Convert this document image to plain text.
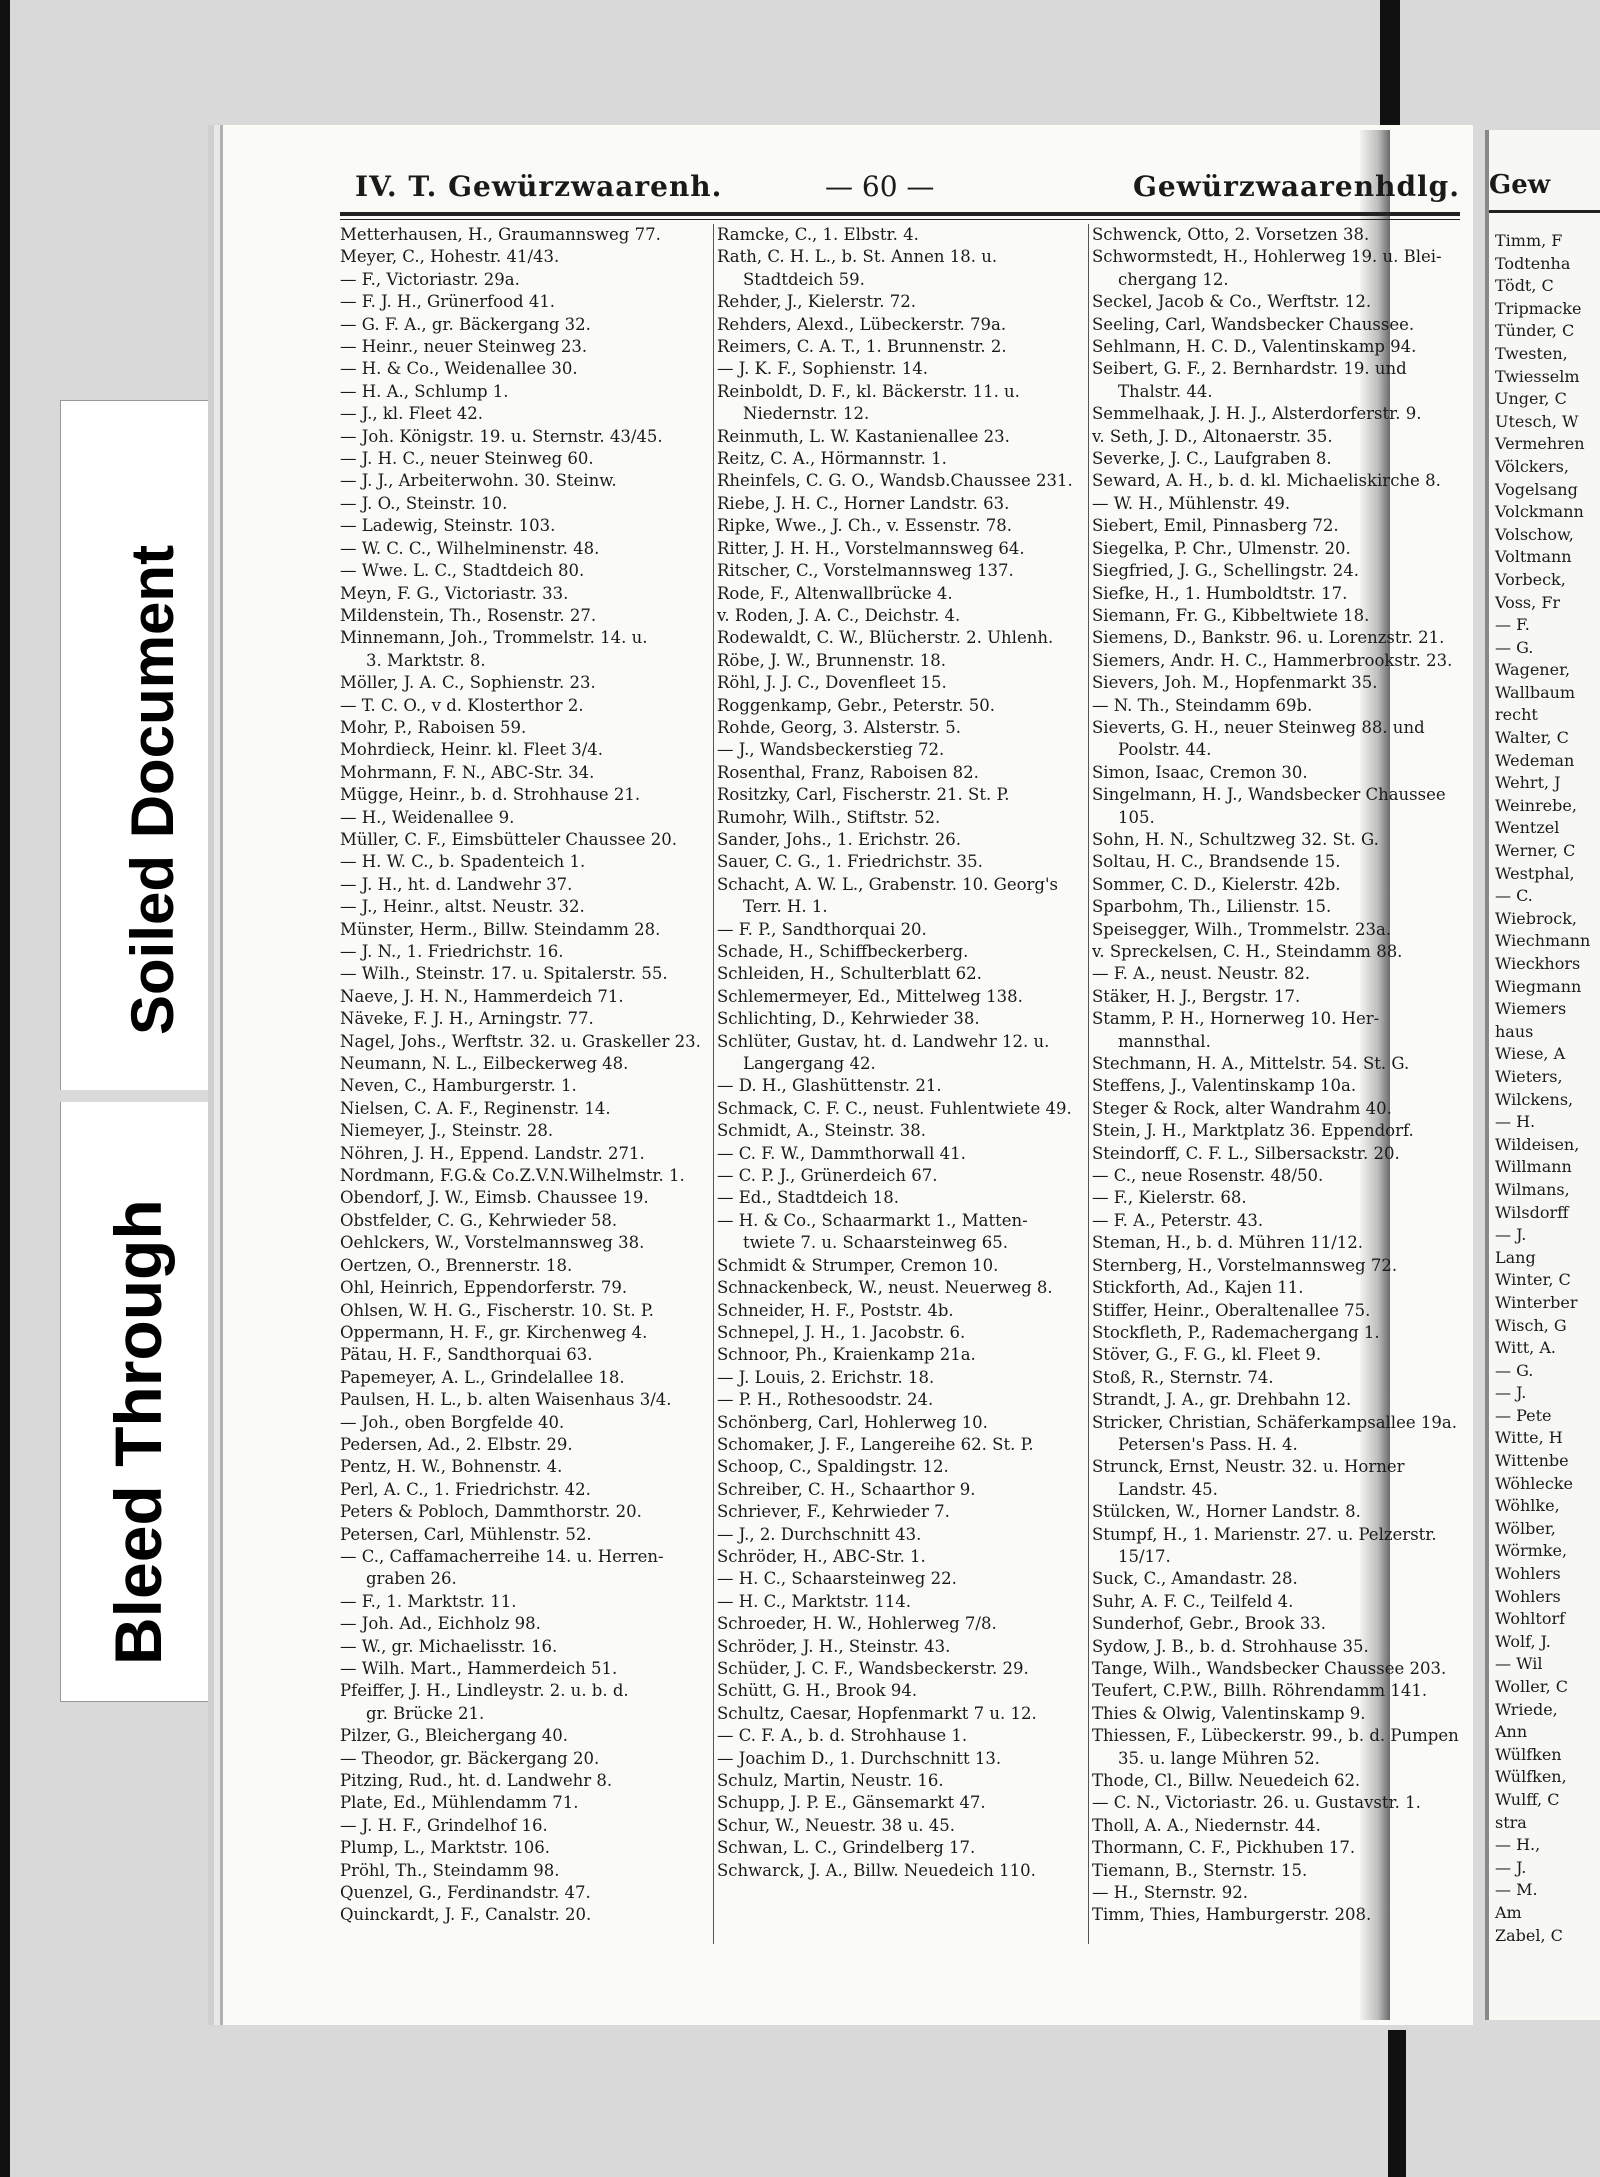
Soiled Document
Bleed Through
IV. T. Gewürzwaarenh.	— 60 —	Gewürzwaarenhdlg.
Metterhausen, H., Graumannsweg 77.
Meyer, C., Hohestr. 41/43.
— F., Victoriastr. 29a.
— F. J. H., Grünerfood 41.
— G. F. A., gr. Bäckergang 32.
— Heinr., neuer Steinweg 23.
— H. & Co., Weidenallee 30.
— H. A., Schlump 1.
— J., kl. Fleet 42.
— Joh. Königstr. 19. u. Sternstr. 43/45.
— J. H. C., neuer Steinweg 60.
— J. J., Arbeiterwohn. 30. Steinw.
— J. O., Steinstr. 10.
— Ladewig, Steinstr. 103.
— W. C. C., Wilhelminenstr. 48.
— Wwe. L. C., Stadtdeich 80.
Meyn, F. G., Victoriastr. 33.
Mildenstein, Th., Rosenstr. 27.
Minnemann, Joh., Trommelstr. 14. u.
3. Marktstr. 8.
Möller, J. A. C., Sophienstr. 23.
— T. C. O., v d. Klosterthor 2.
Mohr, P., Raboisen 59.
Mohrdieck, Heinr. kl. Fleet 3/4.
Mohrmann, F. N., ABC-Str. 34.
Mügge, Heinr., b. d. Strohhause 21.
— H., Weidenallee 9.
Müller, C. F., Eimsbütteler Chaussee 20.
— H. W. C., b. Spadenteich 1.
— J. H., ht. d. Landwehr 37.
— J., Heinr., altst. Neustr. 32.
Münster, Herm., Billw. Steindamm 28.
— J. N., 1. Friedrichstr. 16.
— Wilh., Steinstr. 17. u. Spitalerstr. 55.
Naeve, J. H. N., Hammerdeich 71.
Näveke, F. J. H., Arningstr. 77.
Nagel, Johs., Werftstr. 32. u. Graskeller 23.
Neumann, N. L., Eilbeckerweg 48.
Neven, C., Hamburgerstr. 1.
Nielsen, C. A. F., Reginenstr. 14.
Niemeyer, J., Steinstr. 28.
Nöhren, J. H., Eppend. Landstr. 271.
Nordmann, F.G.& Co.Z.V.N.Wilhelmstr. 1.
Obendorf, J. W., Eimsb. Chaussee 19.
Obstfelder, C. G., Kehrwieder 58.
Oehlckers, W., Vorstelmannsweg 38.
Oertzen, O., Brennerstr. 18.
Ohl, Heinrich, Eppendorferstr. 79.
Ohlsen, W. H. G., Fischerstr. 10. St. P.
Oppermann, H. F., gr. Kirchenweg 4.
Pätau, H. F., Sandthorquai 63.
Papemeyer, A. L., Grindelallee 18.
Paulsen, H. L., b. alten Waisenhaus 3/4.
— Joh., oben Borgfelde 40.
Pedersen, Ad., 2. Elbstr. 29.
Pentz, H. W., Bohnenstr. 4.
Perl, A. C., 1. Friedrichstr. 42.
Peters & Pobloch, Dammthorstr. 20.
Petersen, Carl, Mühlenstr. 52.
— C., Caffamacherreihe 14. u. Herren-
graben 26.
— F., 1. Marktstr. 11.
— Joh. Ad., Eichholz 98.
— W., gr. Michaelisstr. 16.
— Wilh. Mart., Hammerdeich 51.
Pfeiffer, J. H., Lindleystr. 2. u. b. d.
gr. Brücke 21.
Pilzer, G., Bleichergang 40.
— Theodor, gr. Bäckergang 20.
Pitzing, Rud., ht. d. Landwehr 8.
Plate, Ed., Mühlendamm 71.
— J. H. F., Grindelhof 16.
Plump, L., Marktstr. 106.
Pröhl, Th., Steindamm 98.
Quenzel, G., Ferdinandstr. 47.
Quinckardt, J. F., Canalstr. 20.
Ramcke, C., 1. Elbstr. 4.
Rath, C. H. L., b. St. Annen 18. u.
Stadtdeich 59.
Rehder, J., Kielerstr. 72.
Rehders, Alexd., Lübeckerstr. 79a.
Reimers, C. A. T., 1. Brunnenstr. 2.
— J. K. F., Sophienstr. 14.
Reinboldt, D. F., kl. Bäckerstr. 11. u.
Niedernstr. 12.
Reinmuth, L. W. Kastanienallee 23.
Reitz, C. A., Hörmannstr. 1.
Rheinfels, C. G. O., Wandsb.Chaussee 231.
Riebe, J. H. C., Horner Landstr. 63.
Ripke, Wwe., J. Ch., v. Essenstr. 78.
Ritter, J. H. H., Vorstelmannsweg 64.
Ritscher, C., Vorstelmannsweg 137.
Rode, F., Altenwallbrücke 4.
v. Roden, J. A. C., Deichstr. 4.
Rodewaldt, C. W., Blücherstr. 2. Uhlenh.
Röbe, J. W., Brunnenstr. 18.
Röhl, J. J. C., Dovenfleet 15.
Roggenkamp, Gebr., Peterstr. 50.
Rohde, Georg, 3. Alsterstr. 5.
— J., Wandsbeckerstieg 72.
Rosenthal, Franz, Raboisen 82.
Rositzky, Carl, Fischerstr. 21. St. P.
Rumohr, Wilh., Stiftstr. 52.
Sander, Johs., 1. Erichstr. 26.
Sauer, C. G., 1. Friedrichstr. 35.
Schacht, A. W. L., Grabenstr. 10. Georg's
Terr. H. 1.
— F. P., Sandthorquai 20.
Schade, H., Schiffbeckerberg.
Schleiden, H., Schulterblatt 62.
Schlemermeyer, Ed., Mittelweg 138.
Schlichting, D., Kehrwieder 38.
Schlüter, Gustav, ht. d. Landwehr 12. u.
Langergang 42.
— D. H., Glashüttenstr. 21.
Schmack, C. F. C., neust. Fuhlentwiete 49.
Schmidt, A., Steinstr. 38.
— C. F. W., Dammthorwall 41.
— C. P. J., Grünerdeich 67.
— Ed., Stadtdeich 18.
— H. & Co., Schaarmarkt 1., Matten-
twiete 7. u. Schaarsteinweg 65.
Schmidt & Strumper, Cremon 10.
Schnackenbeck, W., neust. Neuerweg 8.
Schneider, H. F., Poststr. 4b.
Schnepel, J. H., 1. Jacobstr. 6.
Schnoor, Ph., Kraienkamp 21a.
— J. Louis, 2. Erichstr. 18.
— P. H., Rothesoodstr. 24.
Schönberg, Carl, Hohlerweg 10.
Schomaker, J. F., Langereihe 62. St. P.
Schoop, C., Spaldingstr. 12.
Schreiber, C. H., Schaarthor 9.
Schriever, F., Kehrwieder 7.
— J., 2. Durchschnitt 43.
Schröder, H., ABC-Str. 1.
— H. C., Schaarsteinweg 22.
— H. C., Marktstr. 114.
Schroeder, H. W., Hohlerweg 7/8.
Schröder, J. H., Steinstr. 43.
Schüder, J. C. F., Wandsbeckerstr. 29.
Schütt, G. H., Brook 94.
Schultz, Caesar, Hopfenmarkt 7 u. 12.
— C. F. A., b. d. Strohhause 1.
— Joachim D., 1. Durchschnitt 13.
Schulz, Martin, Neustr. 16.
Schupp, J. P. E., Gänsemarkt 47.
Schur, W., Neuestr. 38 u. 45.
Schwan, L. C., Grindelberg 17.
Schwarck, J. A., Billw. Neuedeich 110.
Schwenck, Otto, 2. Vorsetzen 38.
Schwormstedt, H., Hohlerweg 19. u. Blei-
chergang 12.
Seckel, Jacob & Co., Werftstr. 12.
Seeling, Carl, Wandsbecker Chaussee.
Sehlmann, H. C. D., Valentinskamp 94.
Seibert, G. F., 2. Bernhardstr. 19. und
Thalstr. 44.
Semmelhaak, J. H. J., Alsterdorferstr. 9.
v. Seth, J. D., Altonaerstr. 35.
Severke, J. C., Laufgraben 8.
Seward, A. H., b. d. kl. Michaeliskirche 8.
— W. H., Mühlenstr. 49.
Siebert, Emil, Pinnasberg 72.
Siegelka, P. Chr., Ulmenstr. 20.
Siegfried, J. G., Schellingstr. 24.
Siefke, H., 1. Humboldtstr. 17.
Siemann, Fr. G., Kibbeltwiete 18.
Siemens, D., Bankstr. 96. u. Lorenzstr. 21.
Siemers, Andr. H. C., Hammerbrookstr. 23.
Sievers, Joh. M., Hopfenmarkt 35.
— N. Th., Steindamm 69b.
Sieverts, G. H., neuer Steinweg 88. und
Poolstr. 44.
Simon, Isaac, Cremon 30.
Singelmann, H. J., Wandsbecker Chaussee
105.
Sohn, H. N., Schultzweg 32. St. G.
Soltau, H. C., Brandsende 15.
Sommer, C. D., Kielerstr. 42b.
Sparbohm, Th., Lilienstr. 15.
Speisegger, Wilh., Trommelstr. 23a.
v. Spreckelsen, C. H., Steindamm 88.
— F. A., neust. Neustr. 82.
Stäker, H. J., Bergstr. 17.
Stamm, P. H., Hornerweg 10. Her-
mannsthal.
Stechmann, H. A., Mittelstr. 54. St. G.
Steffens, J., Valentinskamp 10a.
Steger & Rock, alter Wandrahm 40.
Stein, J. H., Marktplatz 36. Eppendorf.
Steindorff, C. F. L., Silbersackstr. 20.
— C., neue Rosenstr. 48/50.
— F., Kielerstr. 68.
— F. A., Peterstr. 43.
Steman, H., b. d. Mühren 11/12.
Sternberg, H., Vorstelmannsweg 72.
Stickforth, Ad., Kajen 11.
Stiffer, Heinr., Oberaltenallee 75.
Stockfleth, P., Rademachergang 1.
Stöver, G., F. G., kl. Fleet 9.
Stoß, R., Sternstr. 74.
Strandt, J. A., gr. Drehbahn 12.
Stricker, Christian, Schäferkampsallee 19a.
Petersen's Pass. H. 4.
Strunck, Ernst, Neustr. 32. u. Horner
Landstr. 45.
Stülcken, W., Horner Landstr. 8.
Stumpf, H., 1. Marienstr. 27. u. Pelzerstr.
15/17.
Suck, C., Amandastr. 28.
Suhr, A. F. C., Teilfeld 4.
Sunderhof, Gebr., Brook 33.
Sydow, J. B., b. d. Strohhause 35.
Tange, Wilh., Wandsbecker Chaussee 203.
Teufert, C.P.W., Billh. Röhrendamm 141.
Thies & Olwig, Valentinskamp 9.
Thiessen, F., Lübeckerstr. 99., b. d. Pumpen
35. u. lange Mühren 52.
Thode, Cl., Billw. Neuedeich 62.
— C. N., Victoriastr. 26. u. Gustavstr. 1.
Tholl, A. A., Niedernstr. 44.
Thormann, C. F., Pickhuben 17.
Tiemann, B., Sternstr. 15.
— H., Sternstr. 92.
Timm, Thies, Hamburgerstr. 208.
Gew
Timm, F
Todtenha
Tödt, C
Tripmacke
Tünder, C
Twesten,
Twiesselm
Unger, C
Utesch, W
Vermehren
Völckers,
Vogelsang
Volckmann
Volschow,
Voltmann
Vorbeck,
Voss, Fr
— F.
— G.
Wagener,
Wallbaum
recht
Walter, C
Wedeman
Wehrt, J
Weinrebe,
Wentzel
Werner, C
Westphal,
— C.
Wiebrock,
Wiechmann
Wieckhors
Wiegmann
Wiemers
haus
Wiese, A
Wieters,
Wilckens,
— H.
Wildeisen,
Willmann
Wilmans,
Wilsdorff
— J.
Lang
Winter, C
Winterber
Wisch, G
Witt, A.
— G.
— J.
— Pete
Witte, H
Wittenbe
Wöhlecke
Wöhlke,
Wölber,
Wörmke,
Wohlers
Wohlers
Wohltorf
Wolf, J.
— Wil
Woller, C
Wriede,
Ann
Wülfken
Wülfken,
Wulff, C
stra
— H.,
— J.
— M.
Am
Zabel, C
